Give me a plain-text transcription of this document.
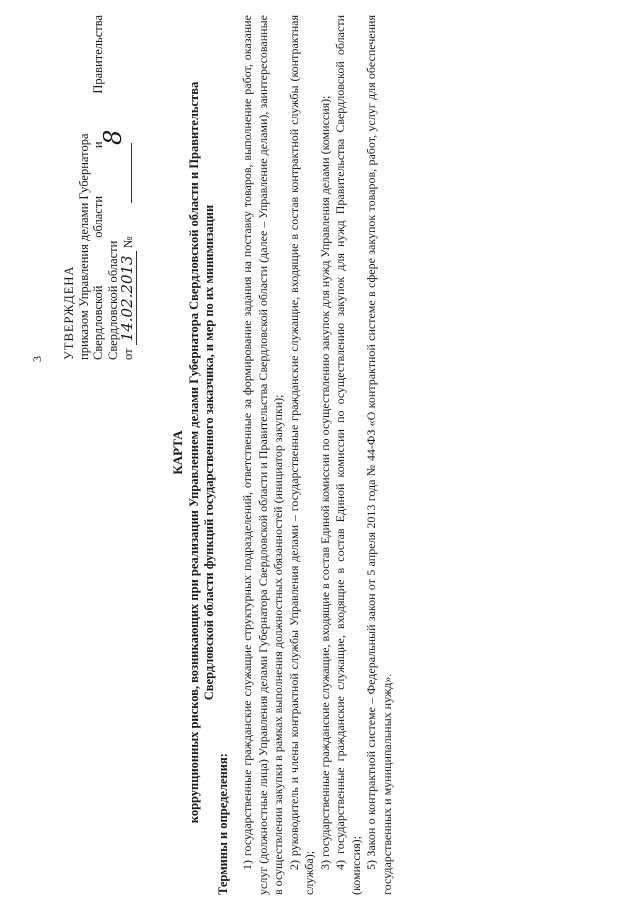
3 УТВЕРЖДЕНА приказом Управления делами Губернатора Свердловской области и Правительства Свердловской области от 14.02.2013 №
8
КАРТА коррупционных рисков, возникающих при реализации Управлением делами Губернатора Свердловской области и Правительства Свердловской области функций государственного заказчика, и мер по их минимизации
Термины и определения: 1) государственные гражданские служащие структурных подразделений, ответственные за формирование задания на поставку товаров, выполнение работ, оказание услуг (должностные лица) Управления делами Губернатора Свердловской области и Правительства Свердловской области (далее – Управление делами), заинтересованные в осуществлении закупки в рамках выполнения должностных обязанностей (инициатор закупки); 2) руководитель и члены контрактной службы Управления делами – государственные гражданские служащие, входящие в состав контрактной службы (контрактная служба);

3) государственные гражданские служащие, входящие в состав Единой комиссии по осуществлению закупок для нужд Управления делами (комиссия); 4) государственные гражданские служащие, входящие в состав Единой комиссии по осуществлению закупок для нужд Правительства Свердловской области (комиссия); 5) Закон о контрактной системе – Федеральный закон от 5 апреля 2013 года № 44-ФЗ «О контрактной системе в сфере закупок товаров, работ, услуг для обеспечения государственных и муниципальных нужд».
